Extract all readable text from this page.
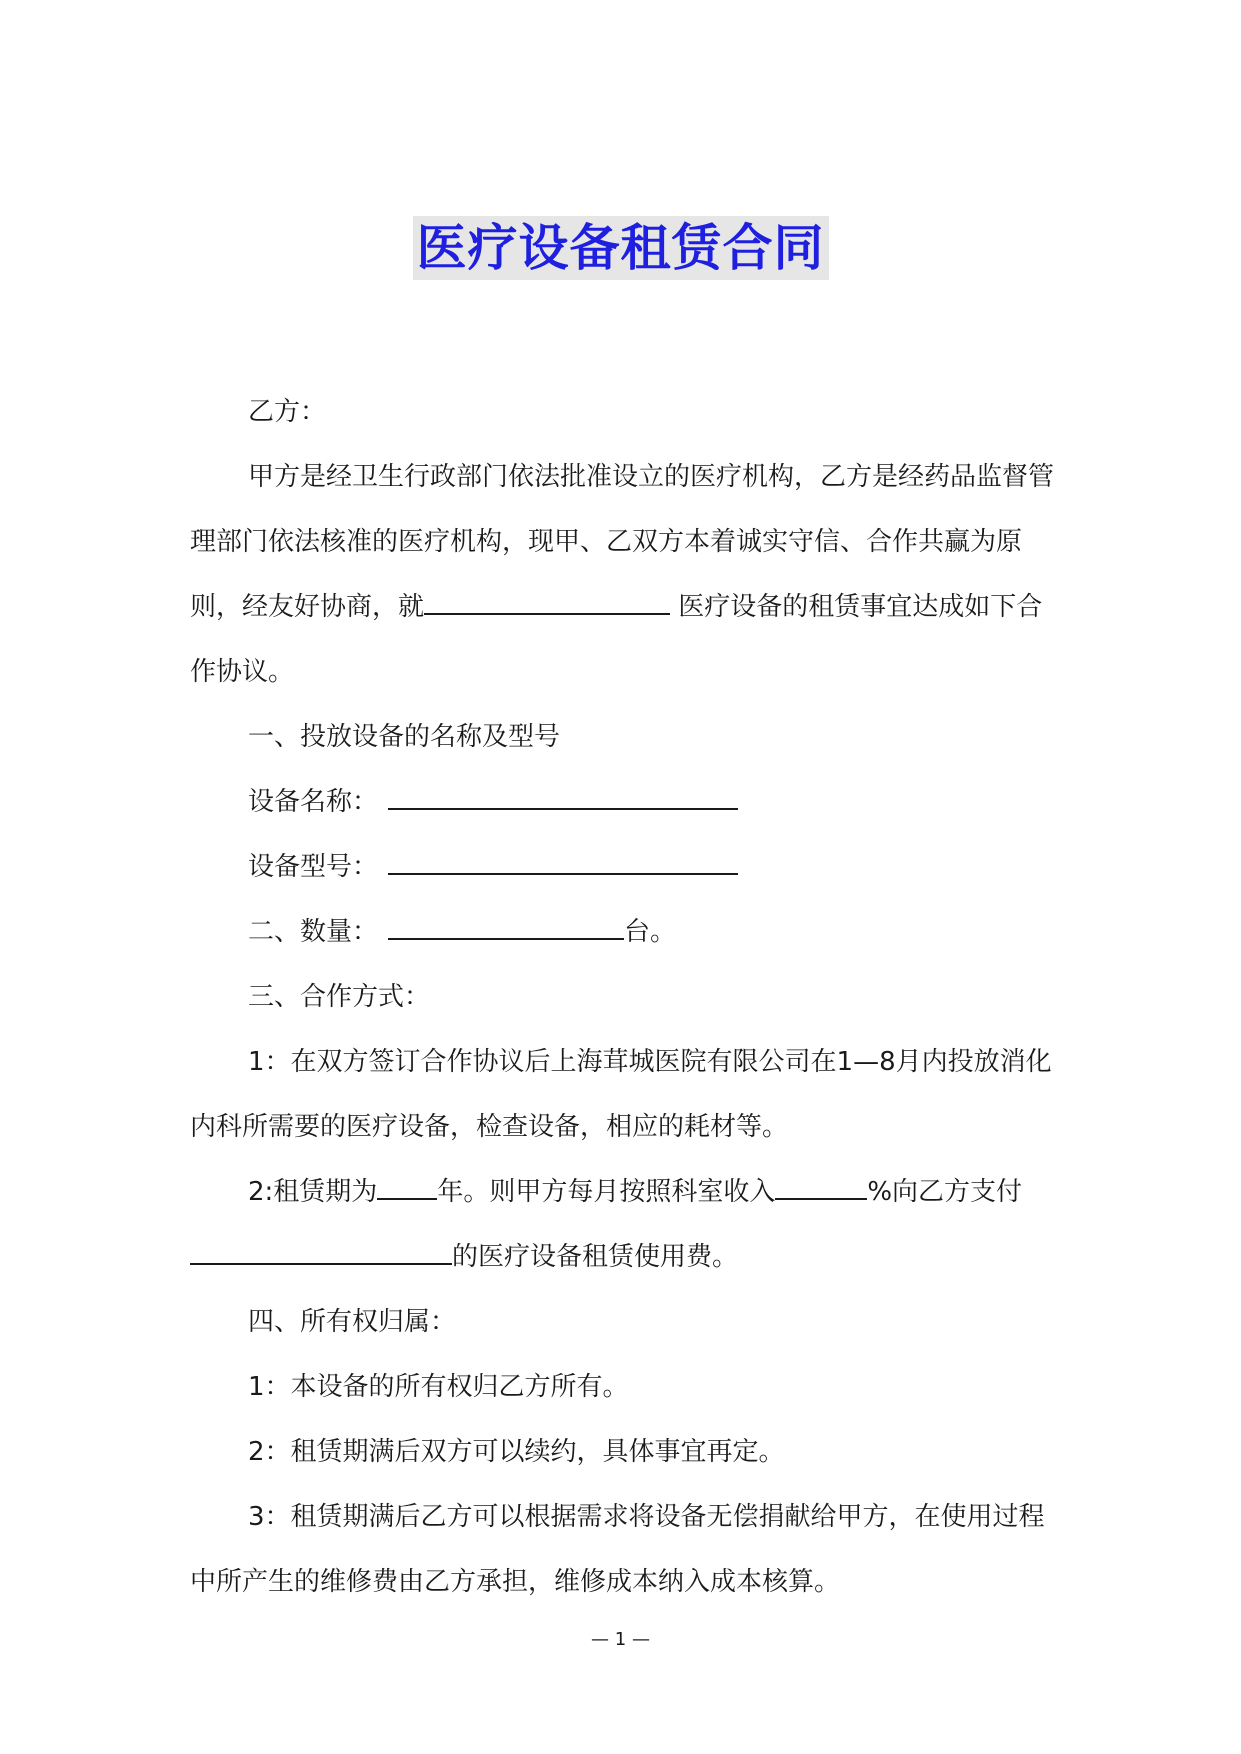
医疗设备租赁合同

乙方：

甲方是经卫生行政部门依法批准设立的医疗机构，乙方是经药品监督管理部门依法核准的医疗机构，现甲、乙双方本着诚实守信、合作共赢为原则，经友好协商，就	医疗设备的租赁事宜达成如下合作协议。

一、投放设备的名称及型号

设备名称：

设备型号：

二、数量：	台。

三、合作方式：

1：在双方签订合作协议后上海茸城医院有限公司在1—8月内投放消化内科所需要的医疗设备，检查设备，相应的耗材等。

2:租赁期为 年。则甲方每月按照科室收入	%向乙方支付的医疗设备租赁使用费。

四、所有权归属：

1：本设备的所有权归乙方所有。

2：租赁期满后双方可以续约，具体事宜再定。

3：租赁期满后乙方可以根据需求将设备无偿捐献给甲方，在使用过程中所产生的维修费由乙方承担，维修成本纳入成本核算。

— 1 —
